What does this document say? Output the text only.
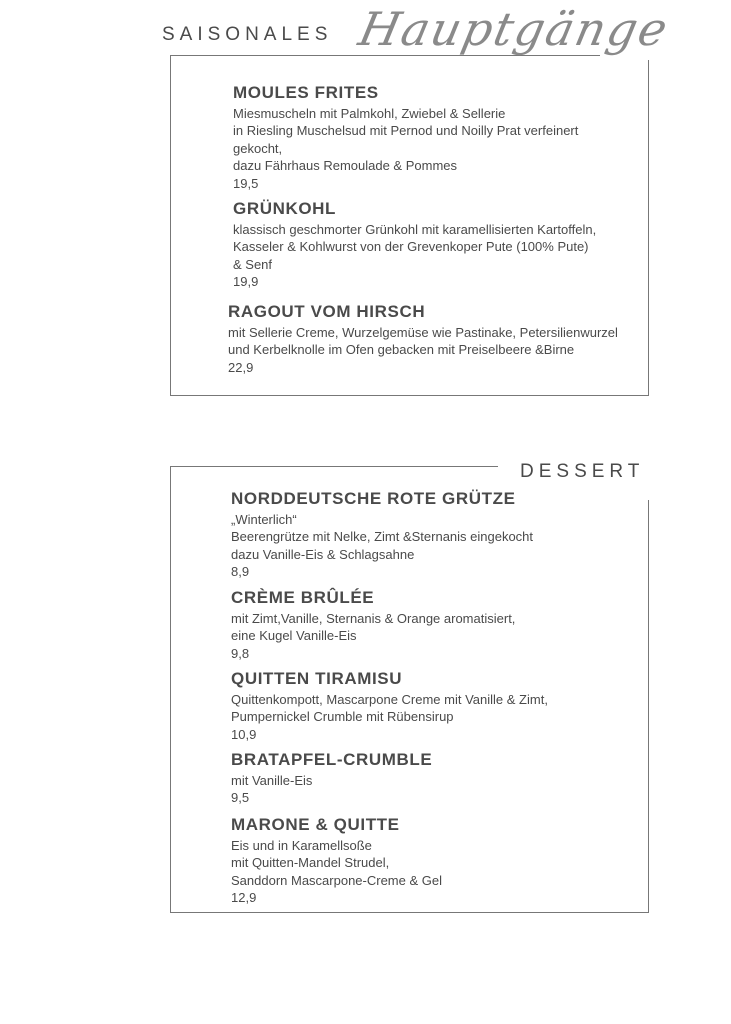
SAISONALES Hauptgänge
DESSERT
MOULES FRITES
Miesmuscheln mit Palmkohl, Zwiebel & Sellerie
in Riesling Muschelsud mit Pernod und Noilly Prat verfeinert
gekocht,
dazu Fährhaus Remoulade & Pommes
19,5
GRÜNKOHL
klassisch geschmorter Grünkohl mit karamellisierten Kartoffeln,
Kasseler & Kohlwurst von der Grevenkoper Pute (100% Pute)
& Senf
19,9
RAGOUT VOM HIRSCH
mit Sellerie Creme, Wurzelgemüse wie Pastinake, Petersilienwurzel
und Kerbelknolle im Ofen gebacken mit Preiselbeere &Birne
22,9
NORDDEUTSCHE ROTE GRÜTZE
„Winterlich“
Beerengrütze mit Nelke, Zimt &Sternanis eingekocht
dazu Vanille-Eis & Schlagsahne
8,9
CRÈME BRÛLÉE
mit Zimt,Vanille, Sternanis & Orange aromatisiert,
eine Kugel Vanille-Eis
9,8
QUITTEN TIRAMISU
Quittenkompott, Mascarpone Creme mit Vanille & Zimt,
Pumpernickel Crumble mit Rübensirup
10,9
BRATAPFEL-CRUMBLE
mit Vanille-Eis
9,5
MARONE & QUITTE
Eis und in Karamellsoße
mit Quitten-Mandel Strudel,
Sanddorn Mascarpone-Creme & Gel
12,9
